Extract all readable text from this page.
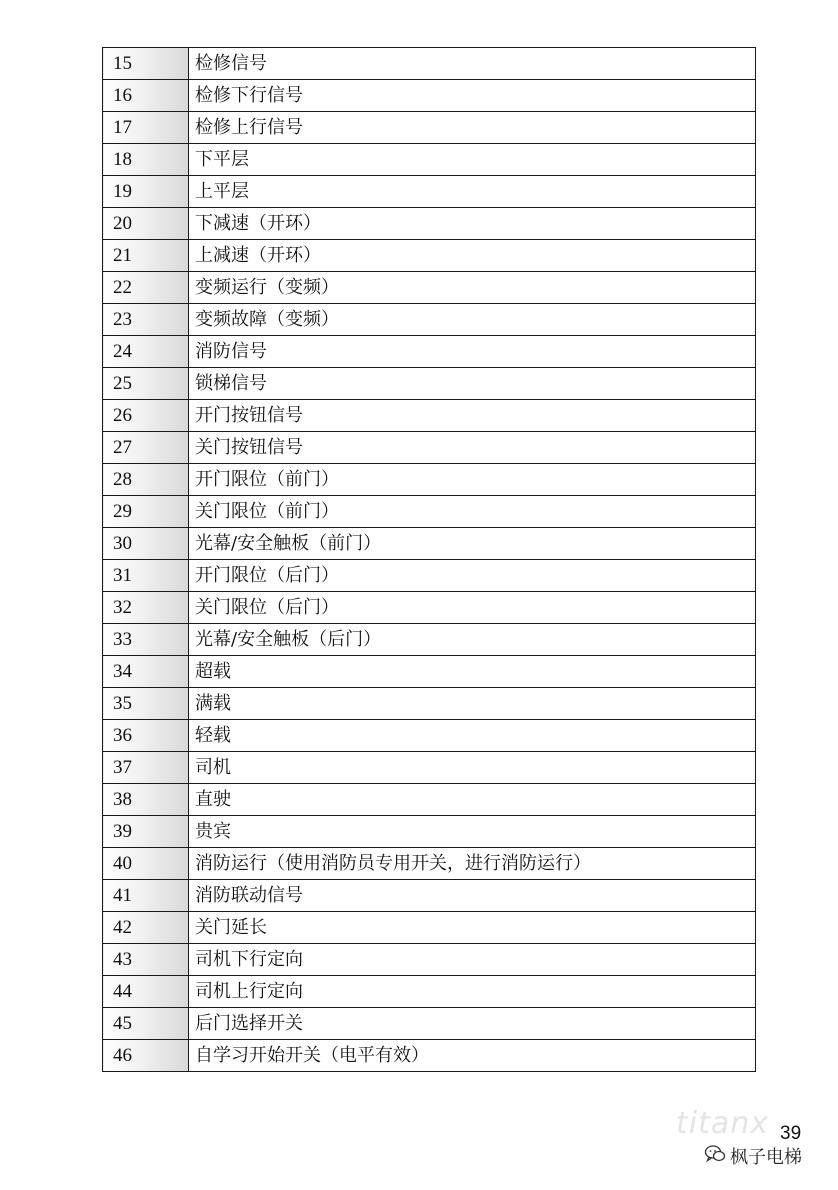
15	检修信号
16	检修下行信号
17	检修上行信号
18	下平层
19	上平层
20	下减速（开环）
21	上减速（开环）
22	变频运行（变频）
23	变频故障（变频）
24	消防信号
25	锁梯信号
26	开门按钮信号
27	关门按钮信号
28	开门限位（前门）
29	关门限位（前门）
30	光幕/安全触板（前门）
31	开门限位（后门）
32	关门限位（后门）
33	光幕/安全触板（后门）
34	超载
35	满载
36	轻载
37	司机
38	直驶
39	贵宾
40	消防运行（使用消防员专用开关，进行消防运行）
41	消防联动信号
42	关门延长
43	司机下行定向
44	司机上行定向
45	后门选择开关
46	自学习开始开关（电平有效）
titanx 39
枫子电梯
